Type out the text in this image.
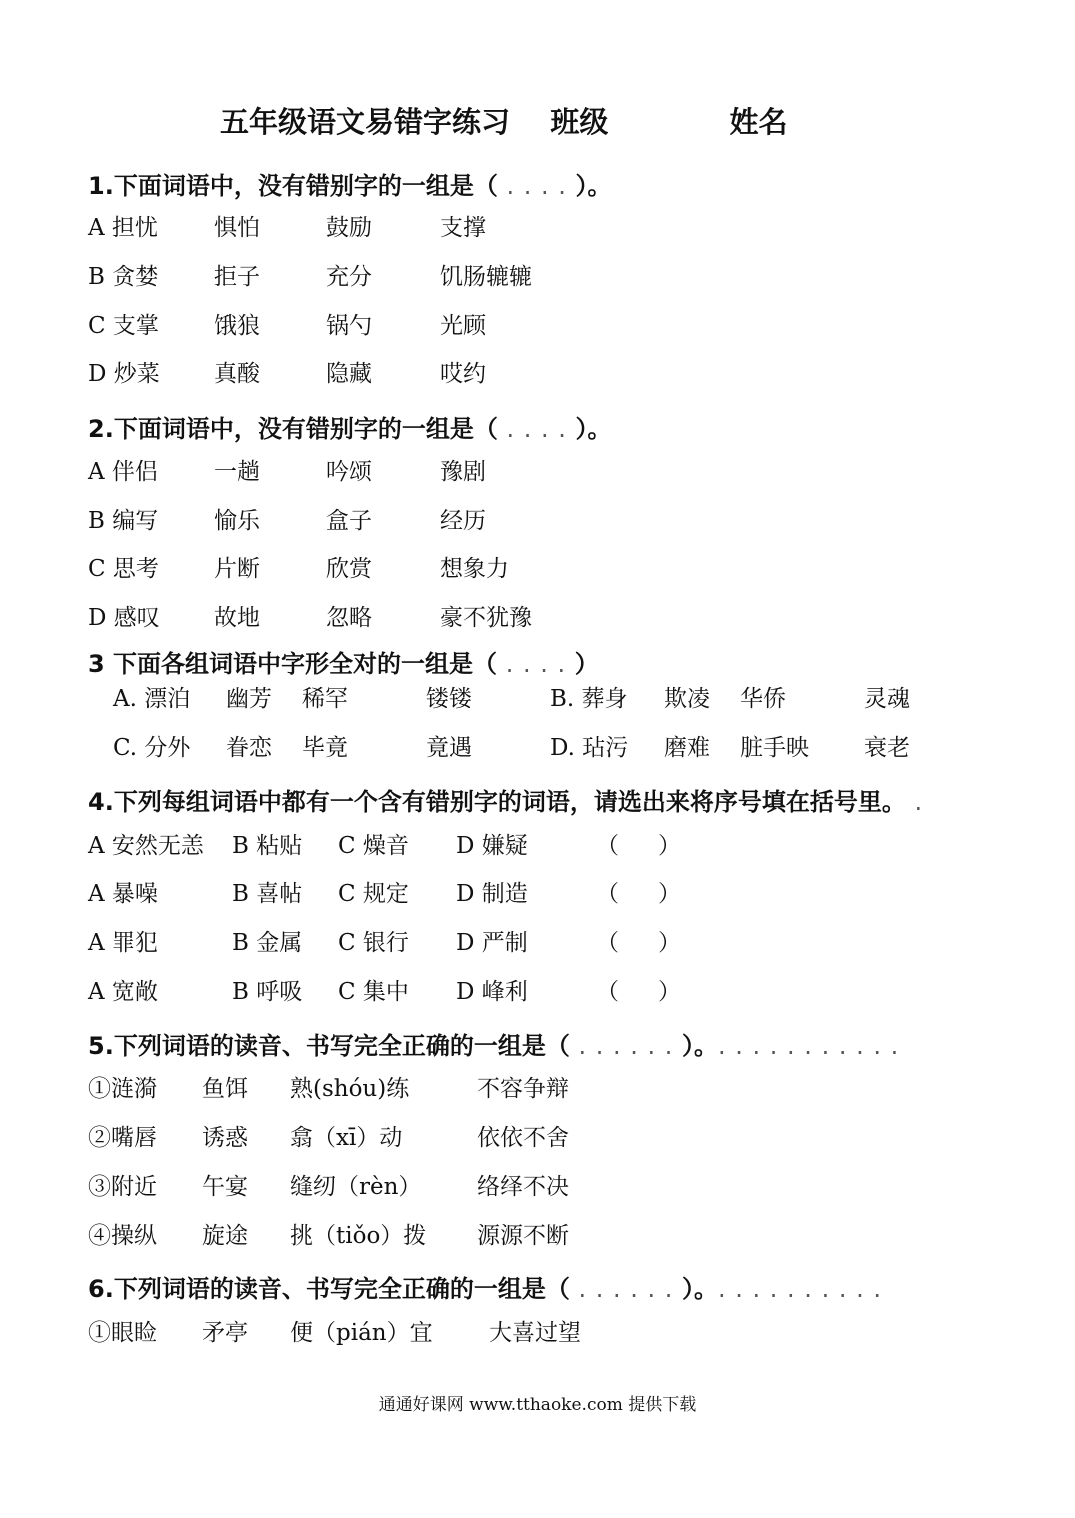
五年级语文易错字练习    班级            姓名
1.下面词语中，没有错别字的一组是（ . . . . ）。
A 担忧 惧怕	鼓励	支撑
B 贪婪 拒子	充分	饥肠辘辘
C 支掌 饿狼	锅勺	光顾
D 炒菜 真酸	隐藏	哎约
2.下面词语中，没有错别字的一组是（ . . . . ）。
A 伴侣 一趟	吟颂	豫剧
B 编写 愉乐	盒子	经历
C 思考 片断	欣赏	想象力
D 感叹 故地	忽略	豪不犹豫
3 下面各组词语中字形全对的一组是（ . . . . ）
A. 漂泊 幽芳 稀罕	镂镂	B. 葬身 欺凌 华侨	灵魂
C. 分外 眷恋 毕竟	竟遇	D. 玷污 磨难 脏手映 衰老
4.下列每组词语中都有一个含有错别字的词语，请选出来将序号填在括号里。 .
A 安然无恙 B 粘贴 C 燥音 D 嫌疑	（ ）
A 暴噪	B 喜帖 C 规定 D 制造	（ ）
A 罪犯	B 金属 C 银行 D 严制	（ ）
A 宽敞	B 呼吸 C 集中 D 峰利	（ ）
5.下列词语的读音、书写完全正确的一组是（ . . . . . . ）。. . . . . . . . . . .
①涟漪 鱼饵 熟(shóu)练	不容争辩
②嘴唇 诱惑 翕（xī）动	依依不舍
③附近 午宴 缝纫（rèn） 络绎不决
④操纵 旋途 挑（tiǒo）拨 源源不断
6.下列词语的读音、书写完全正确的一组是（ . . . . . . ）。. . . . . . . . . .
①眼睑 矛亭 便（pián）宜 大喜过望
通通好课网 www.tthaoke.com 提供下载
